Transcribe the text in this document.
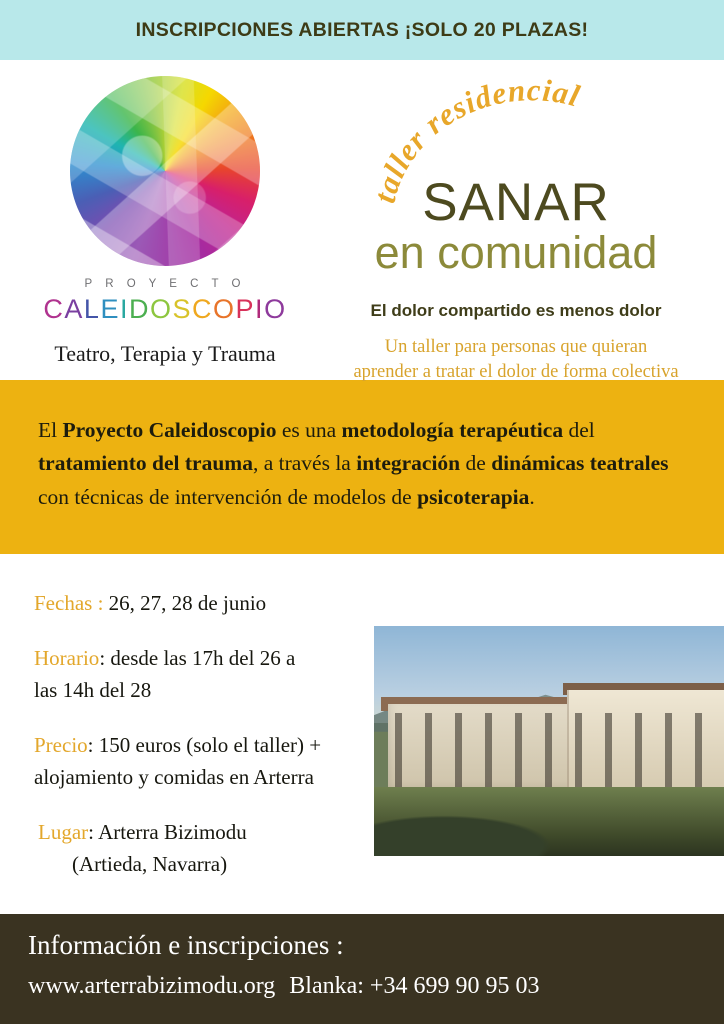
INSCRIPCIONES ABIERTAS ¡SOLO 20 PLAZAS!
P R O Y E C T O
CALEIDOSCOPIO
Teatro, Terapia y Trauma
taller residencial
SANAR
en comunidad
El dolor compartido es menos dolor
Un taller para personas que quieran
aprender a tratar el dolor de forma colectiva

El Proyecto Caleidoscopio es una metodología terapéutica del tratamiento del trauma, a través la integración de dinámicas teatrales con técnicas de intervención de modelos de psicoterapia.

Fechas : 26, 27, 28 de junio
Horario: desde las 17h del 26 a
las 14h del 28
Precio: 150 euros (solo el taller) +
alojamiento y comidas en Arterra
Lugar: Arterra Bizimodu
(Artieda, Navarra)
Información e inscripciones :
www.arterrabizimodu.org Blanka: +34 699 90 95 03
